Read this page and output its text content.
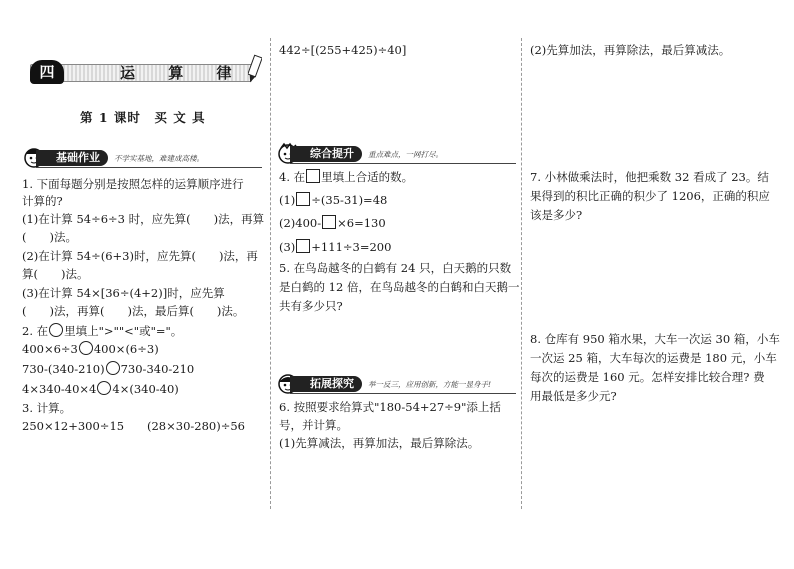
四	运 算 律
第 1 课时　买 文 具
基础作业	不学实基地，难建成高楼。
1. 下面每题分别是按照怎样的运算顺序进行
计算的?
(1)在计算 54÷6÷3 时，应先算(　　)法，再算
(　　)法。
(2)在计算 54÷(6+3)时，应先算(　　)法，再
算(　　)法。
(3)在计算 54×[36÷(4+2)]时，应先算
(　　)法，再算(　　)法，最后算(　　)法。
2. 在 里填上">""<"或"="。
400×6÷3 400×(6÷3)
730-(340-210) 730-340-210
4×340-40×4 4×(340-40)
3. 计算。
250×12+300÷15 (28×30-280)÷56
442÷[(255+425)÷40]
综合提升	重点难点，一网打尽。
4. 在 里填上合适的数。
(1) ÷(35-31)=48
(2)400- ×6=130
(3) +111÷3=200
5. 在鸟岛越冬的白鹤有 24 只，白天鹅的只数
是白鹤的 12 倍，在鸟岛越冬的白鹤和白天鹅一
共有多少只?
拓展探究	举一反三，应用创新，方能一显身手!
6. 按照要求给算式"180-54+27÷9"添上括
号，并计算。
(1)先算减法，再算加法，最后算除法。
(2)先算加法，再算除法，最后算减法。
7. 小林做乘法时，他把乘数 32 看成了 23。结
果得到的积比正确的积少了 1206，正确的积应
该是多少?
8. 仓库有 950 箱水果，大车一次运 30 箱，小车
一次运 25 箱，大车每次的运费是 180 元，小车
每次的运费是 160 元。怎样安排比较合理? 费
用最低是多少元?
